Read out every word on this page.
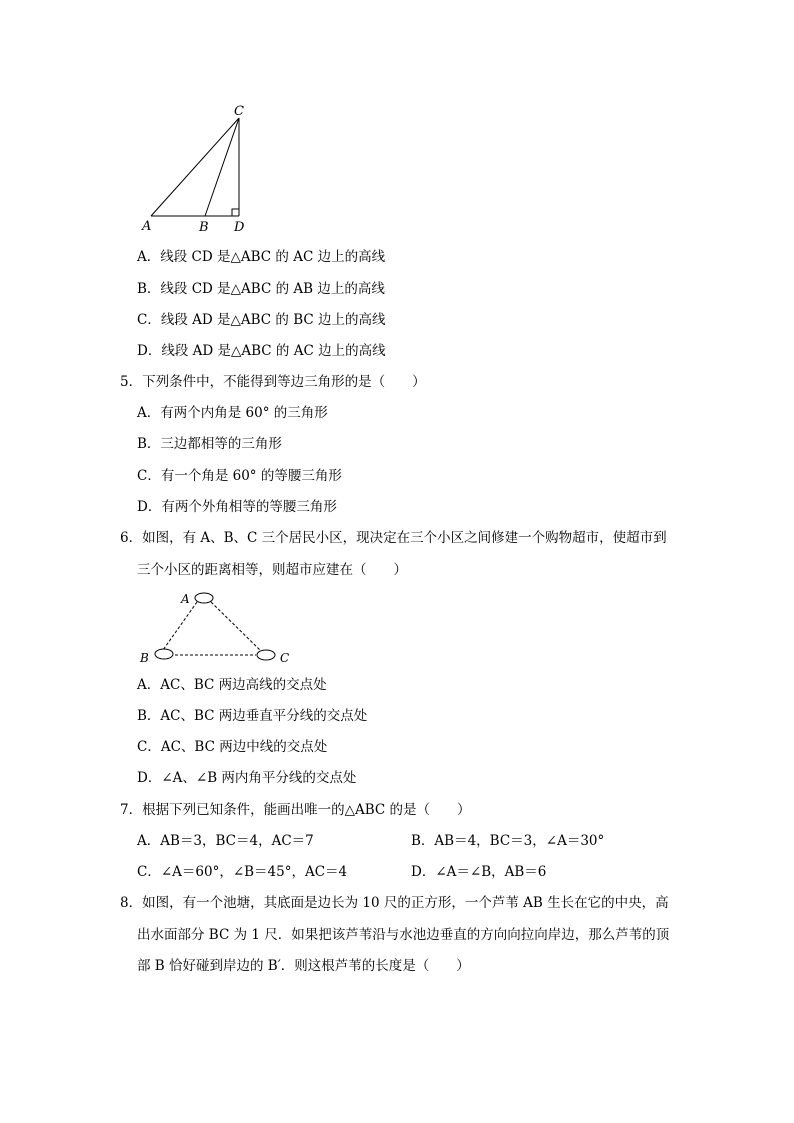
C
A	B D
A．线段 CD 是△ABC 的 AC 边上的高线
B．线段 CD 是△ABC 的 AB 边上的高线
C．线段 AD 是△ABC 的 BC 边上的高线
D．线段 AD 是△ABC 的 AC 边上的高线
5．下列条件中，不能得到等边三角形的是（　　）
A．有两个内角是 60° 的三角形
B．三边都相等的三角形
C．有一个角是 60° 的等腰三角形
D．有两个外角相等的等腰三角形
6．如图，有 A、B、C 三个居民小区，现决定在三个小区之间修建一个购物超市，使超市到
三个小区的距离相等，则超市应建在（　　）
A
B	C
A．AC、BC 两边高线的交点处
B．AC、BC 两边垂直平分线的交点处
C．AC、BC 两边中线的交点处
D．∠A、∠B 两内角平分线的交点处
7．根据下列已知条件，能画出唯一的△ABC 的是（　　）
A．AB＝3，BC＝4，AC＝7	B．AB＝4，BC＝3，∠A＝30°
C．∠A＝60°，∠B＝45°，AC＝4	D．∠A＝∠B，AB＝6
8．如图，有一个池塘，其底面是边长为 10 尺的正方形，一个芦苇 AB 生长在它的中央，高
出水面部分 BC 为 1 尺．如果把该芦苇沿与水池边垂直的方向向拉向岸边，那么芦苇的顶
部 B 恰好碰到岸边的 B′．则这根芦苇的长度是（　　）
